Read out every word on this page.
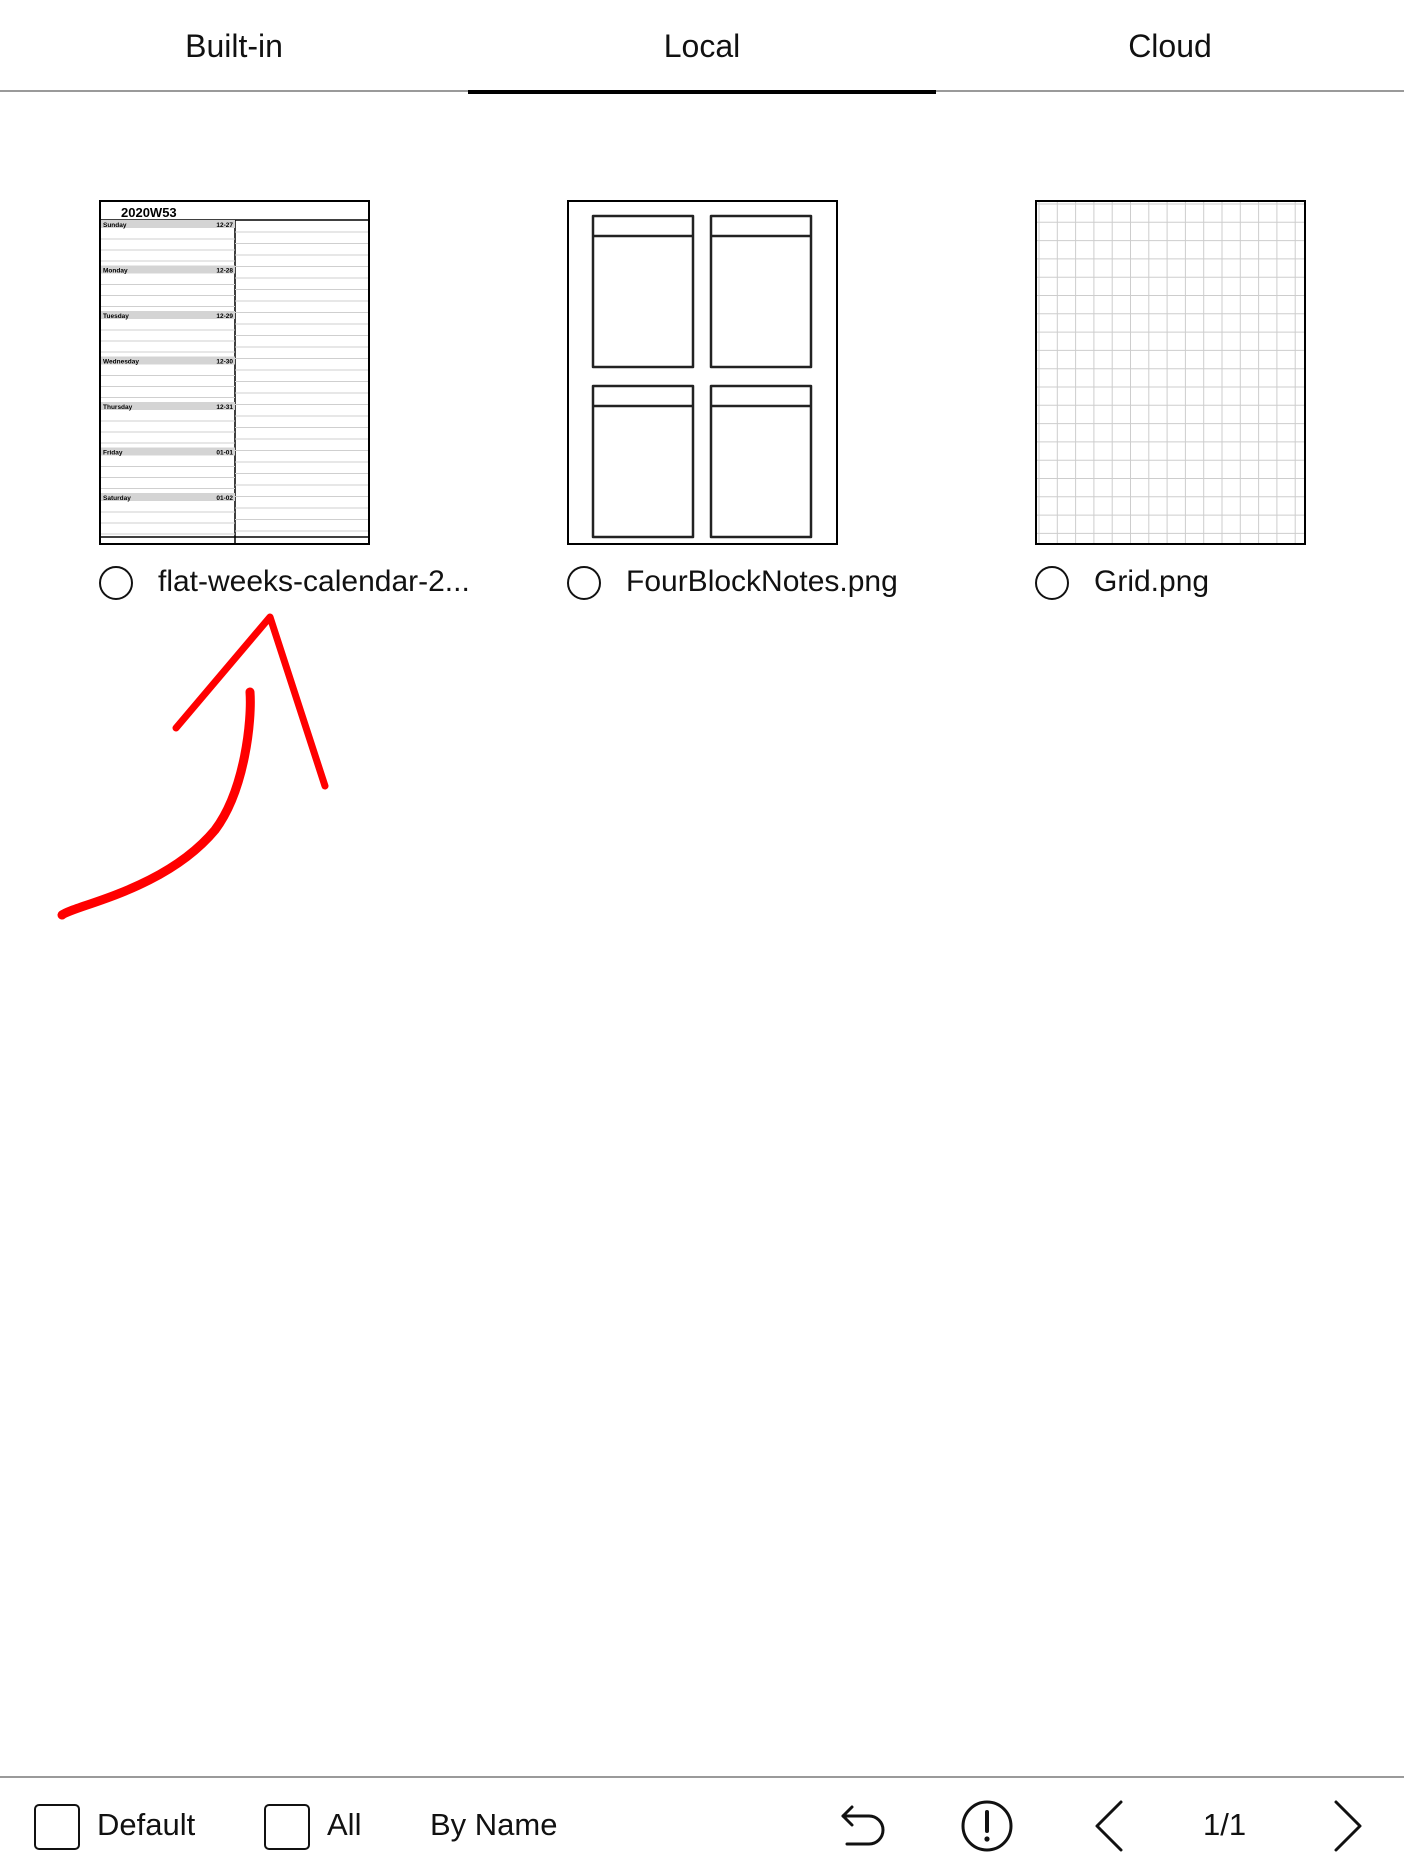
Built-in	Local	Cloud
2020W53
Sunday	12-27
Monday	12-28
Tuesday	12-29
Wednesday	12-30
Thursday	12-31
Friday	01-01
Saturday	01-02
flat-weeks-calendar-2...	FourBlockNotes.png	Grid.png
Default	All By Name	1/1
